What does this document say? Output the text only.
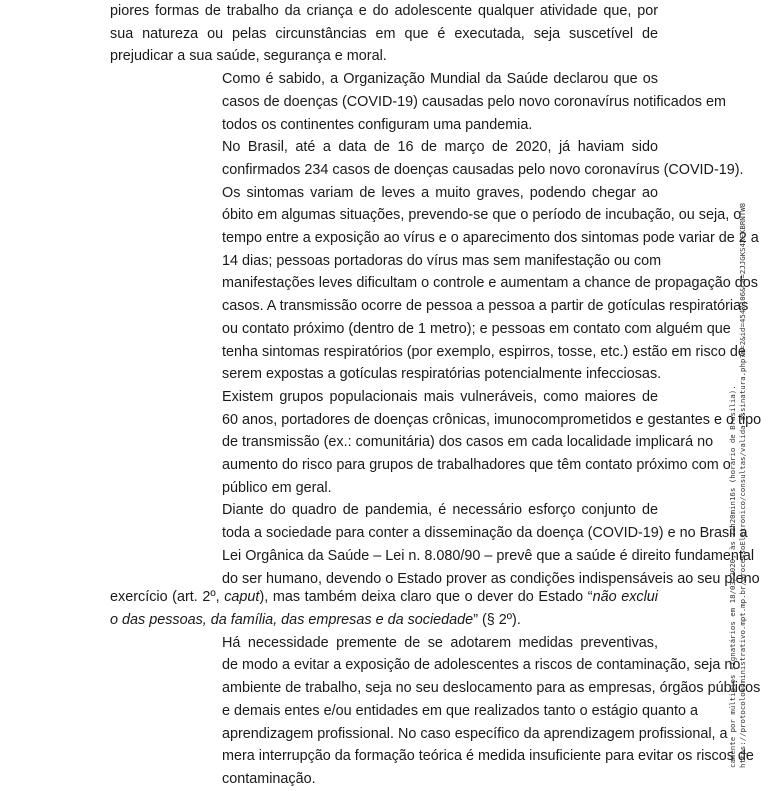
piores formas de trabalho da criança e do adolescente qualquer atividade que, por
sua natureza ou pelas circunstâncias em que é executada, seja suscetível de
prejudicar a sua saúde, segurança e moral.
Como é sabido, a Organização Mundial da Saúde declarou que os
casos de doenças (COVID-19) causadas pelo novo coronavírus notificados em
todos os continentes configuram uma pandemia.
No Brasil, até a data de 16 de março de 2020, já haviam sido
confirmados 234 casos de doenças causadas pelo novo coronavírus (COVID-19).
Os sintomas variam de leves a muito graves, podendo chegar ao
óbito em algumas situações, prevendo-se que o período de incubação, ou seja, o
tempo entre a exposição ao vírus e o aparecimento dos sintomas pode variar de 2 a
14 dias; pessoas portadoras do vírus mas sem manifestação ou com
manifestações leves dificultam o controle e aumentam a chance de propagação dos
casos. A transmissão ocorre de pessoa a pessoa a partir de gotículas respiratórias
ou contato próximo (dentro de 1 metro); e pessoas em contato com alguém que
tenha sintomas respiratórios (por exemplo, espirros, tosse, etc.) estão em risco de
serem expostas a gotículas respiratórias potencialmente infecciosas.
Existem grupos populacionais mais vulneráveis, como maiores de
60 anos, portadores de doenças crônicas, imunocomprometidos e gestantes e o tipo
de transmissão (ex.: comunitária) dos casos em cada localidade implicará no
aumento do risco para grupos de trabalhadores que têm contato próximo com o
público em geral.
Diante do quadro de pandemia, é necessário esforço conjunto de
toda a sociedade para conter a disseminação da doença (COVID-19) e no Brasil a
Lei Orgânica da Saúde – Lei n. 8.080/90 – prevê que a saúde é direito fundamental
do ser humano, devendo o Estado prover as condições indispensáveis ao seu pleno
exercício (art. 2º, caput), mas também deixa claro que o dever do Estado “não exclui
o das pessoas, da família, das empresas e da sociedade” (§ 2º).
Há necessidade premente de se adotarem medidas preventivas,
de modo a evitar a exposição de adolescentes a riscos de contaminação, seja no
ambiente de trabalho, seja no seu deslocamento para as empresas, órgãos públicos
e demais entes e/ou entidades em que realizados tanto o estágio quanto a
aprendizagem profissional. No caso específico da aprendizagem profissional, a
mera interrupção da formação teórica é medida insuficiente para evitar os riscos de
contaminação.
camente por múltiplos signatários em 18/03/2020, às 22h20min16s (horário de Brasília). https://protocoloadministrativo.mpt.mp.br/processoEletronico/consultas/valida_assinatura.php?m=2&id=4547106&ca=2JJGKS4XEKBRNTW8
